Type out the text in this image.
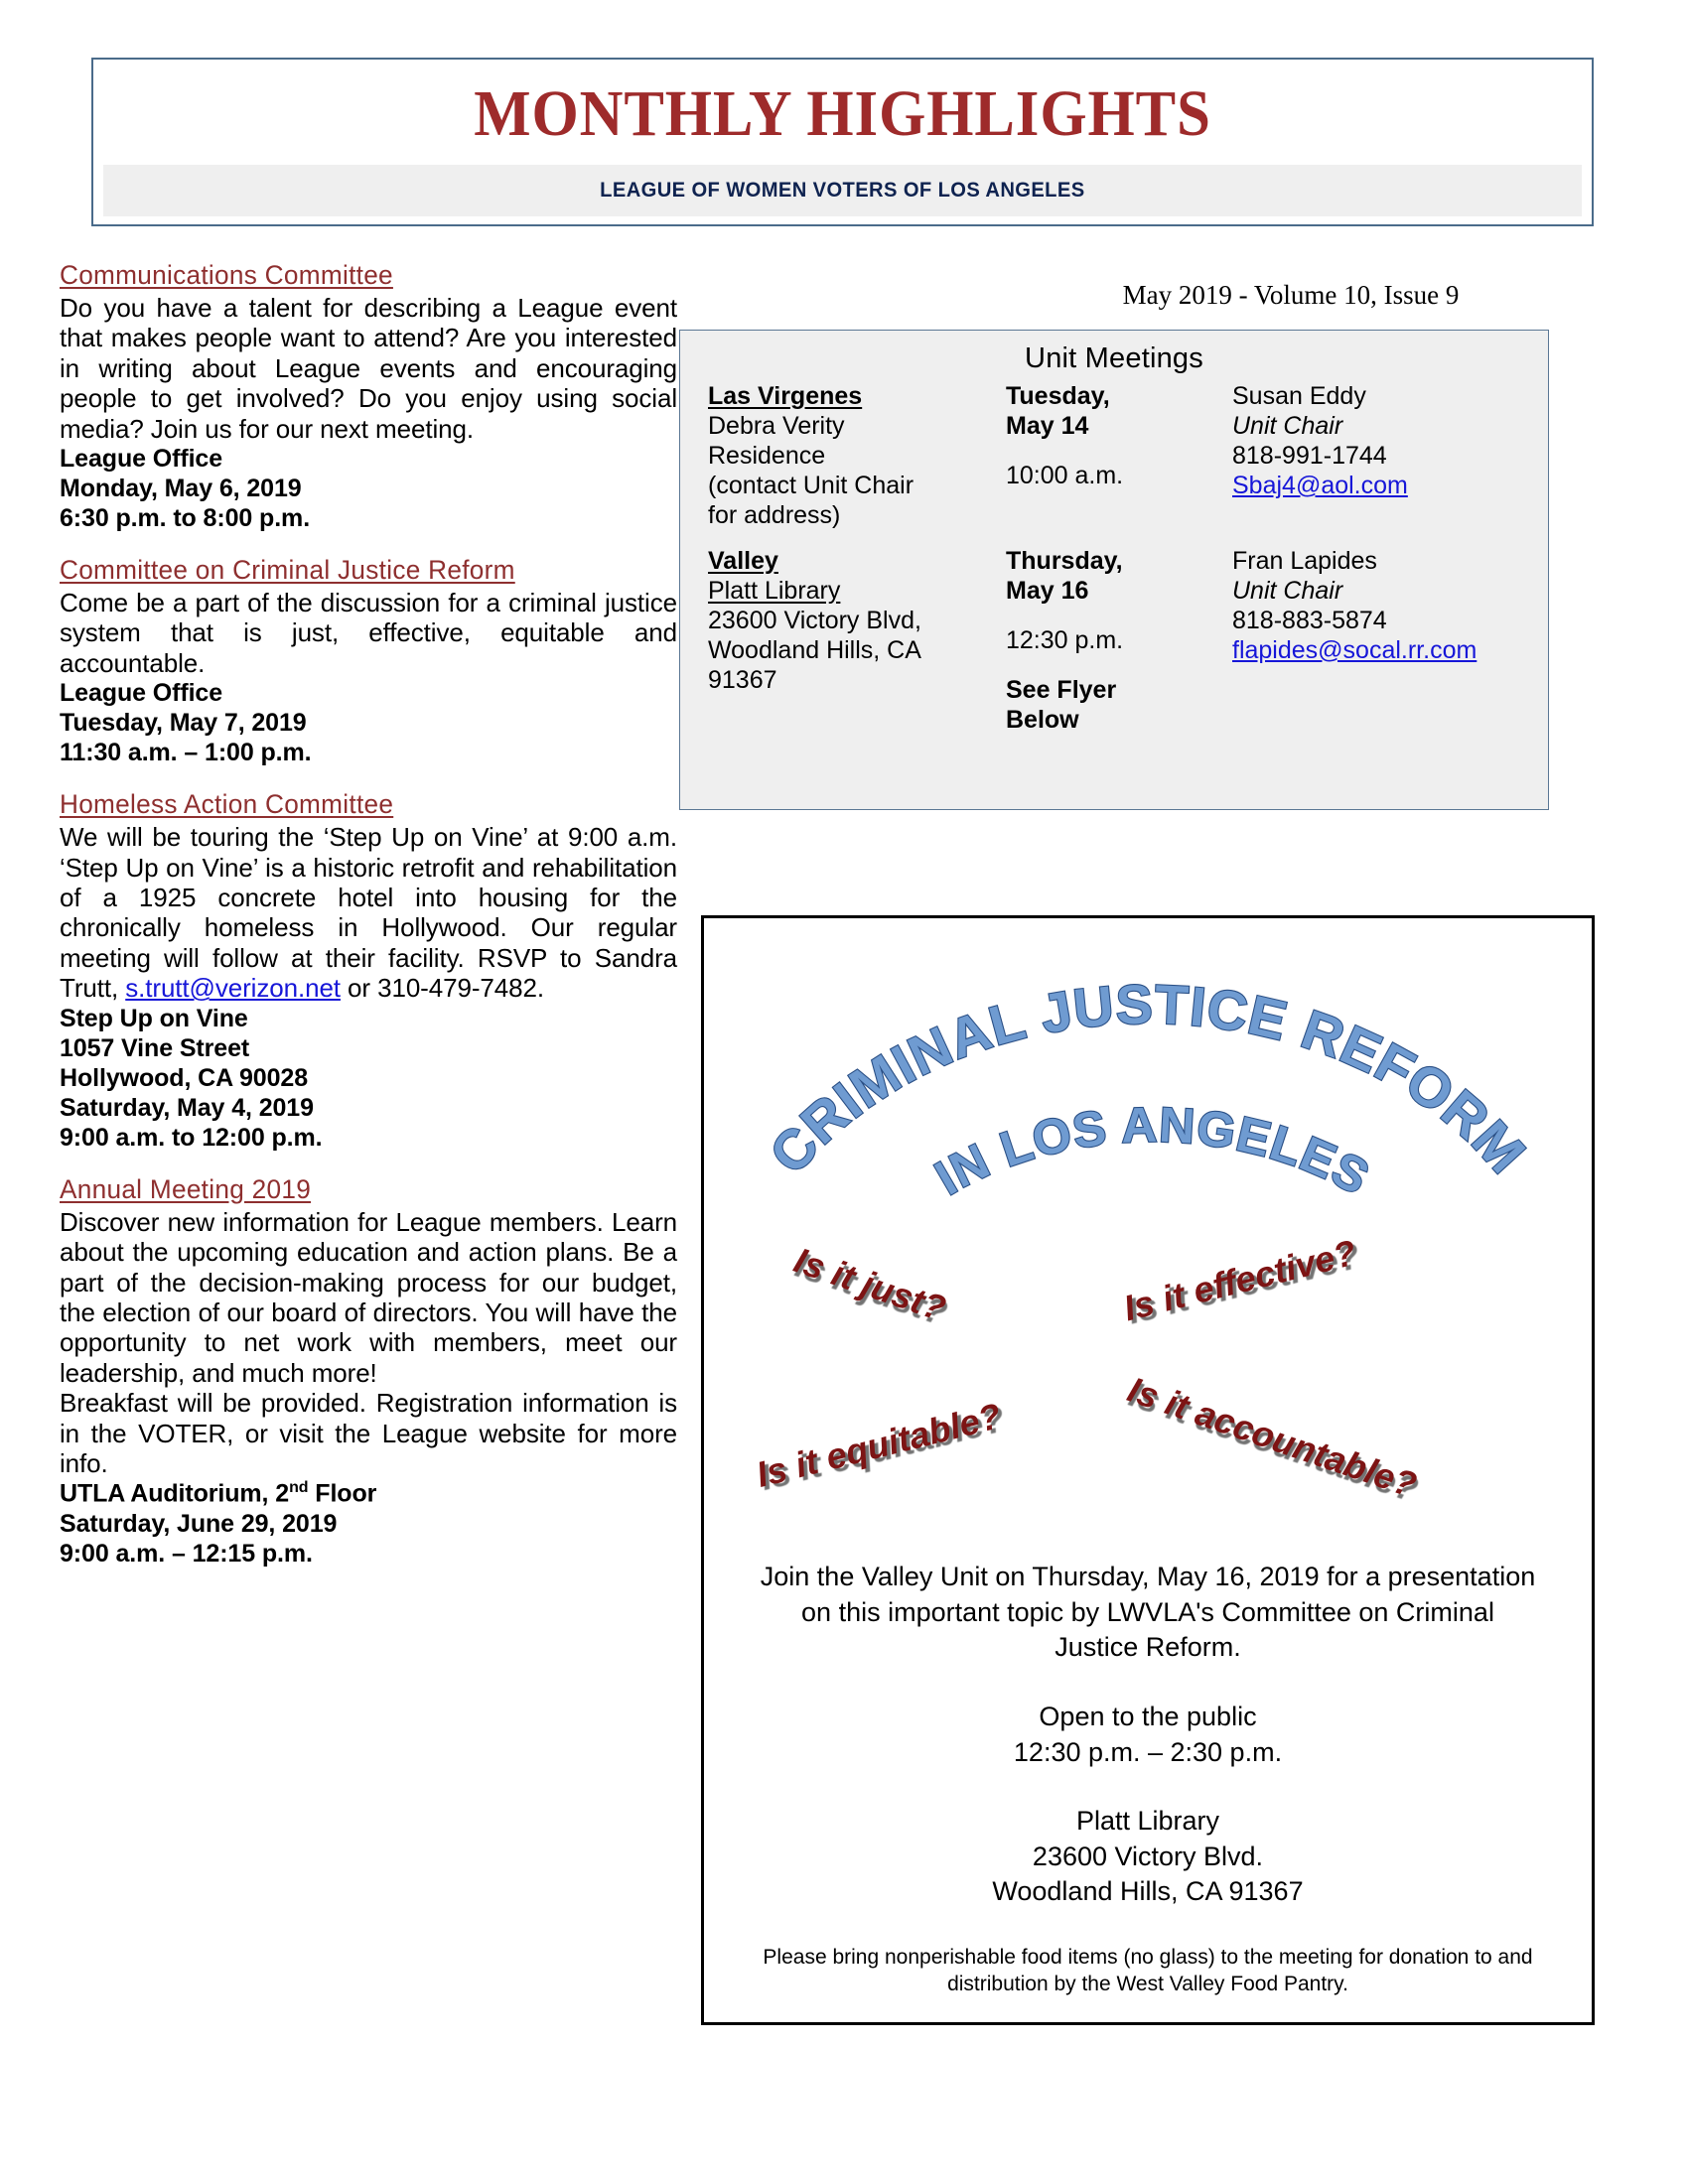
MONTHLY HIGHLIGHTS
LEAGUE OF WOMEN VOTERS OF LOS ANGELES
May 2019 - Volume 10, Issue 9
Communications Committee
Do you have a talent for describing a League event that makes people want to attend? Are you interested in writing about League events and encouraging people to get involved? Do you enjoy using social media? Join us for our next meeting.
League Office
Monday, May 6, 2019
6:30 p.m. to 8:00 p.m.
Committee on Criminal Justice Reform
Come be a part of the discussion for a criminal justice system that is just, effective, equitable and accountable.
League Office
Tuesday, May 7, 2019
11:30 a.m. – 1:00 p.m.
Homeless Action Committee
We will be touring the ‘Step Up on Vine’ at 9:00 a.m. ‘Step Up on Vine’ is a historic retrofit and rehabilitation of a 1925 concrete hotel into housing for the chronically homeless in Hollywood. Our regular meeting will follow at their facility. RSVP to Sandra Trutt, s.trutt@verizon.net or 310-479-7482.
Step Up on Vine
1057 Vine Street
Hollywood, CA 90028
Saturday, May 4, 2019
9:00 a.m. to 12:00 p.m.
Annual Meeting 2019
Discover new information for League members. Learn about the upcoming education and action plans. Be a part of the decision-making process for our budget, the election of our board of directors. You will have the opportunity to net work with members, meet our leadership, and much more!
Breakfast will be provided. Registration information is in the VOTER, or visit the League website for more info.
UTLA Auditorium, 2nd Floor
Saturday, June 29, 2019
9:00 a.m. – 12:15 p.m.
Unit Meetings
Las Virgenes
Debra Verity
Residence
(contact Unit Chair
for address)
Tuesday,
May 14
10:00 a.m.
Susan Eddy
Unit Chair
818-991-1744
Sbaj4@aol.com
Valley
Platt Library
23600 Victory Blvd,
Woodland Hills, CA
91367
Thursday,
May 16
12:30 p.m.
See Flyer
Below
Fran Lapides
Unit Chair
818-883-5874
flapides@socal.rr.com
CRIMINAL JUSTICE REFORM
IN LOS ANGELES
Is it just?	Is it effective?
Is it equitable?	Is it accountable?
Join the Valley Unit on Thursday, May 16, 2019 for a presentation on this important topic by LWVLA's Committee on Criminal Justice Reform.
Open to the public
12:30 p.m. – 2:30 p.m.
Platt Library
23600 Victory Blvd.
Woodland Hills, CA 91367
Please bring nonperishable food items (no glass) to the meeting for donation to and distribution by the West Valley Food Pantry.
